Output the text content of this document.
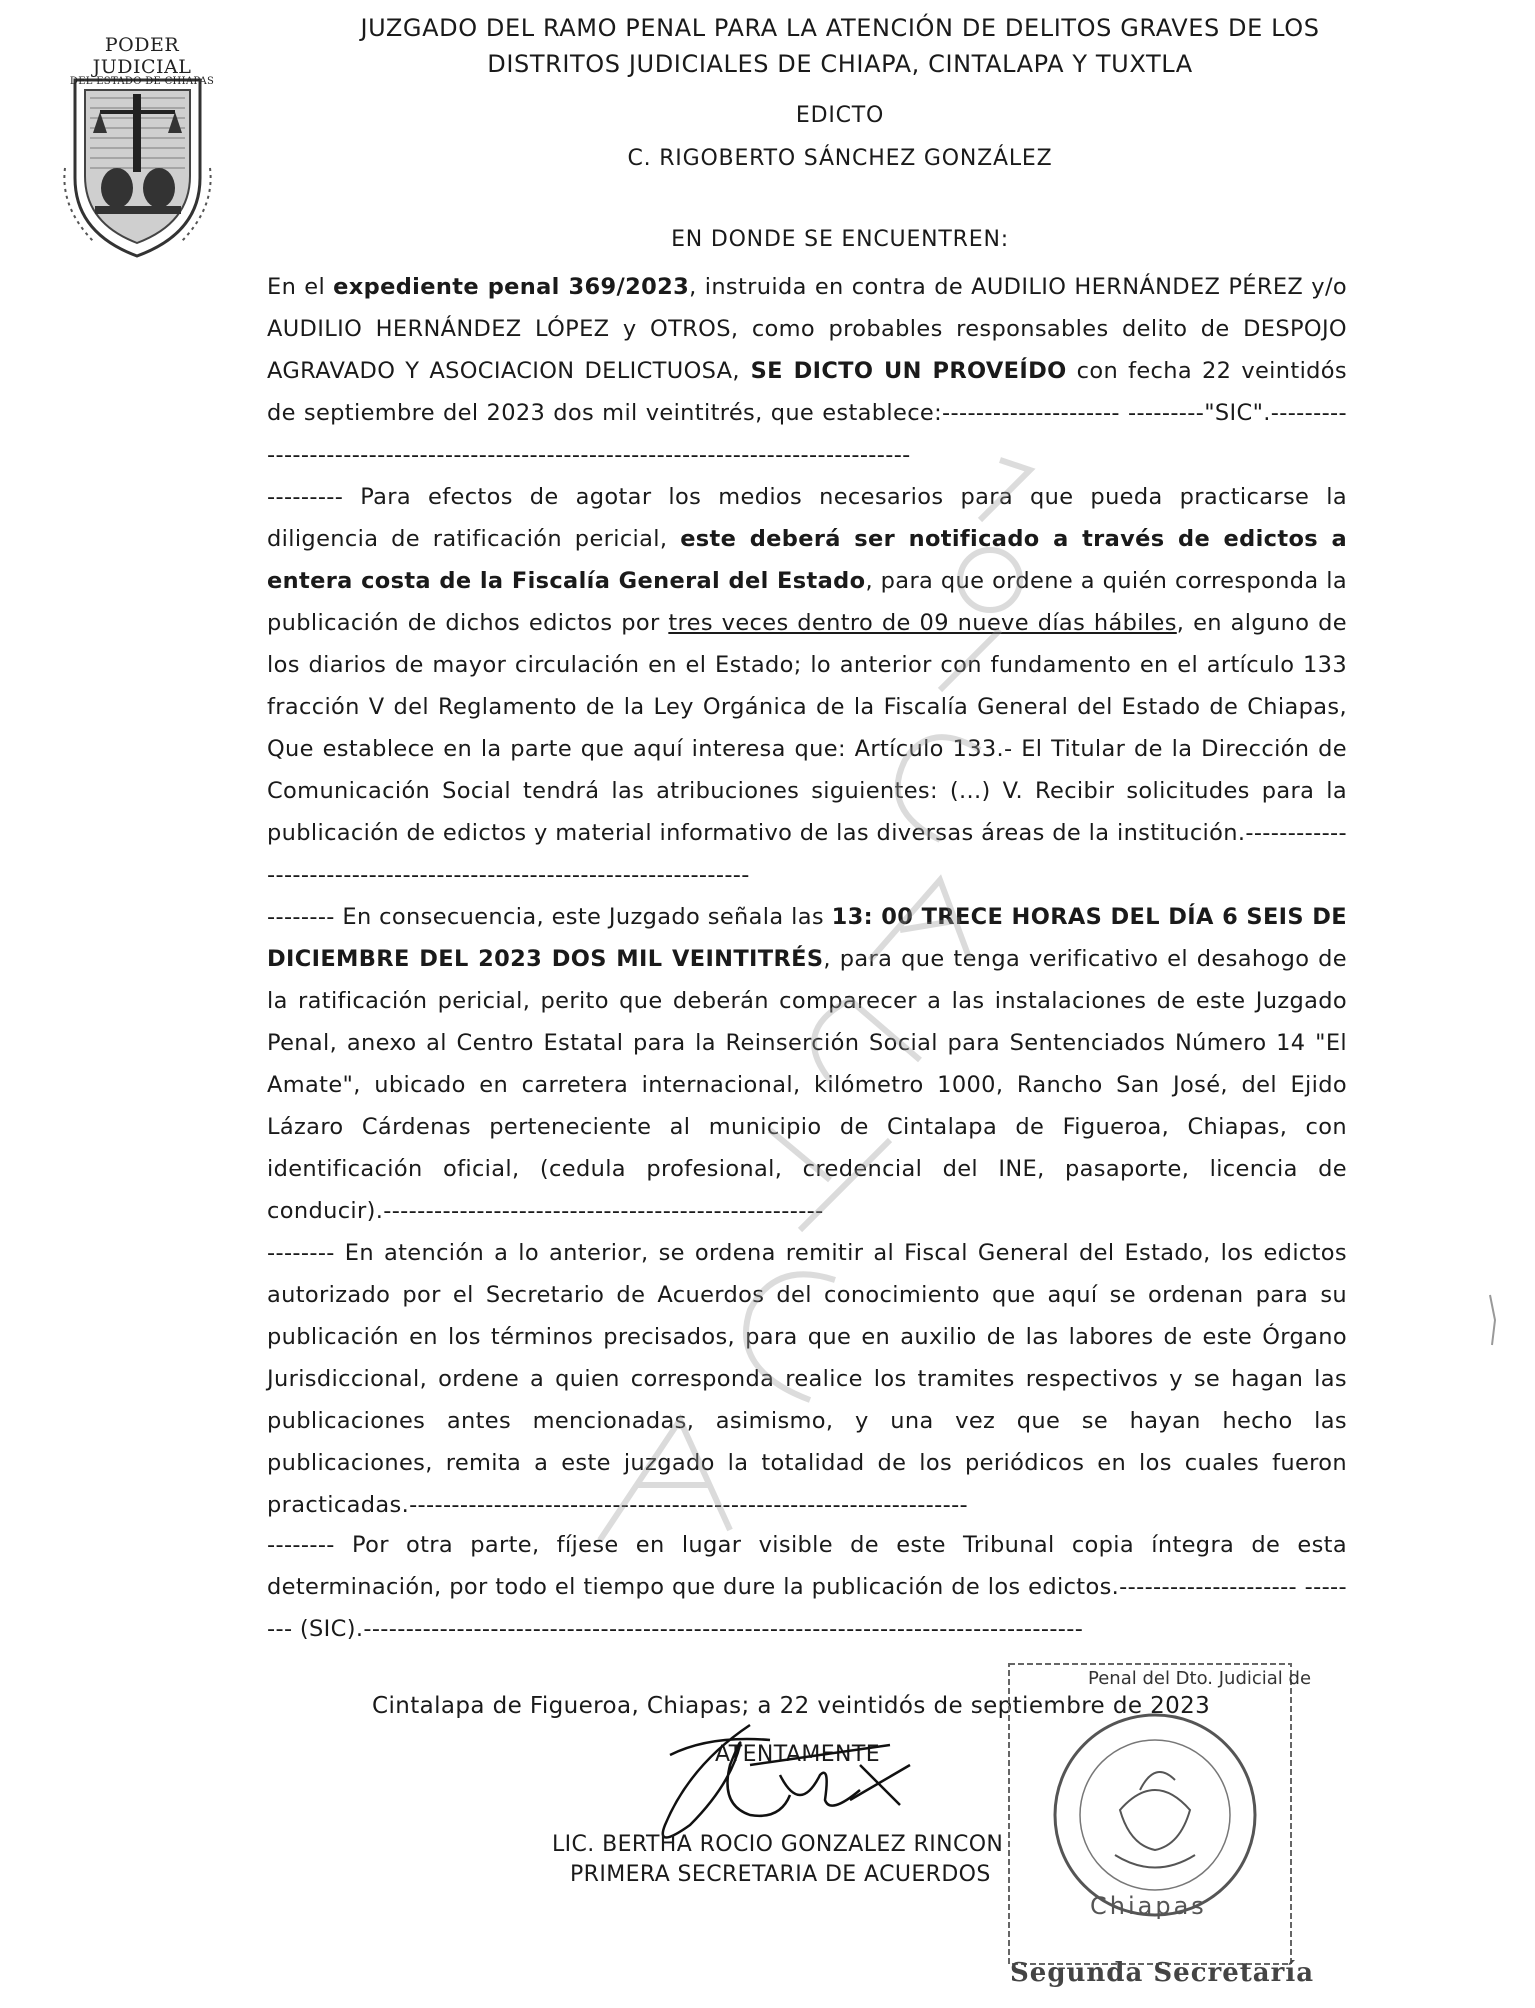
PODER JUDICIAL
DEL ESTADO DE CHIAPAS
JUZGADO DEL RAMO PENAL PARA LA ATENCIÓN DE DELITOS GRAVES DE LOS
DISTRITOS JUDICIALES DE CHIAPA, CINTALAPA Y TUXTLA
EDICTO
C. RIGOBERTO SÁNCHEZ GONZÁLEZ
EN DONDE SE ENCUENTREN:

En el expediente penal 369/2023, instruida en contra de AUDILIO HERNÁNDEZ PÉREZ y/o AUDILIO HERNÁNDEZ LÓPEZ y OTROS, como probables responsables delito de DESPOJO AGRAVADO Y ASOCIACION DELICTUOSA, SE DICTO UN PROVEÍDO con fecha 22 veintidós de septiembre del 2023 dos mil veintitrés, que establece:--------------------- ---------"SIC".-------------------------------------------------------------------------------------

--------- Para efectos de agotar los medios necesarios para que pueda practicarse la diligencia de ratificación pericial, este deberá ser notificado a través de edictos a entera costa de la Fiscalía General del Estado, para que ordene a quién corresponda la publicación de dichos edictos por tres veces dentro de 09 nueve días hábiles, en alguno de los diarios de mayor circulación en el Estado; lo anterior con fundamento en el artículo 133 fracción V del Reglamento de la Ley Orgánica de la Fiscalía General del Estado de Chiapas, Que establece en la parte que aquí interesa que: Artículo 133.- El Titular de la Dirección de Comunicación Social tendrá las atribuciones siguientes: (...) V. Recibir solicitudes para la publicación de edictos y material informativo de las diversas áreas de la institución.---------------------------------------------------------------------

-------- En consecuencia, este Juzgado señala las 13: 00 TRECE HORAS DEL DÍA 6 SEIS DE DICIEMBRE DEL 2023 DOS MIL VEINTITRÉS, para que tenga verificativo el desahogo de la ratificación pericial, perito que deberán comparecer a las instalaciones de este Juzgado Penal, anexo al Centro Estatal para la Reinserción Social para Sentenciados Número 14 "El Amate", ubicado en carretera internacional, kilómetro 1000, Rancho San José, del Ejido Lázaro Cárdenas perteneciente al municipio de Cintalapa de Figueroa, Chiapas, con identificación oficial, (cedula profesional, credencial del INE, pasaporte, licencia de conducir).----------------------------------------------------

-------- En atención a lo anterior, se ordena remitir al Fiscal General del Estado, los edictos autorizado por el Secretario de Acuerdos del conocimiento que aquí se ordenan para su publicación en los términos precisados, para que en auxilio de las labores de este Órgano Jurisdiccional, ordene a quien corresponda realice los tramites respectivos y se hagan las publicaciones antes mencionadas, asimismo, y una vez que se hayan hecho las publicaciones, remita a este juzgado la totalidad de los periódicos en los cuales fueron practicadas.------------------------------------------------------------------

-------- Por otra parte, fíjese en lugar visible de este Tribunal copia íntegra de esta determinación, por todo el tiempo que dure la publicación de los edictos.--------------------- -------- (SIC).-------------------------------------------------------------------------------------

Cintalapa de Figueroa, Chiapas; a 22 veintidós de septiembre de 2023
ATENTAMENTE
LIC. BERTHA ROCIO GONZALEZ RINCON
PRIMERA SECRETARIA DE ACUERDOS
Penal del Dto. Judicial de
Chiapas
Segunda Secretaría
